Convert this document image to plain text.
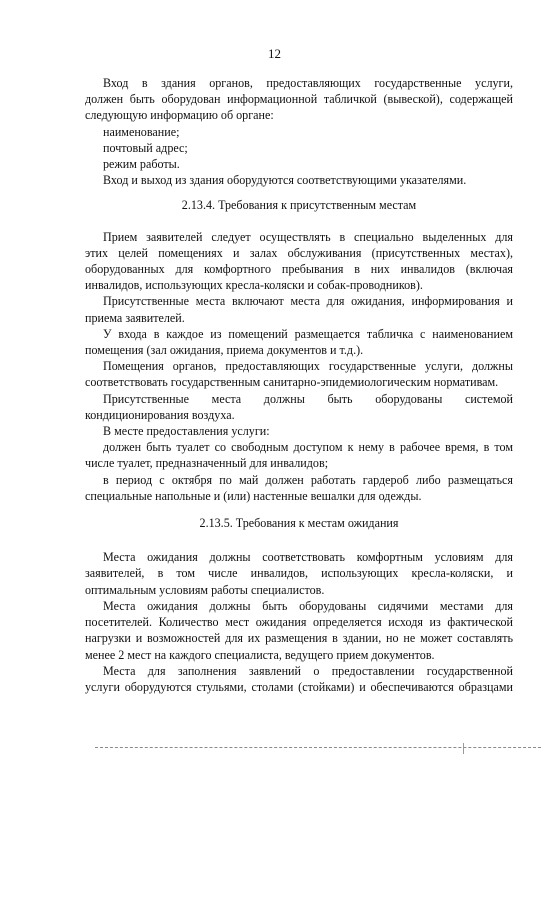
12

Вход в здания органов, предоставляющих государственные услуги,

должен быть оборудован информационной табличкой (вывеской), содержащей

следующую информацию об органе:

наименование;

почтовый адрес;

режим работы.

Вход и выход из здания оборудуются соответствующими указателями.

2.13.4. Требования к присутственным местам

Прием заявителей следует осуществлять в специально выделенных для

этих целей помещениях и залах обслуживания (присутственных местах),

оборудованных для комфортного пребывания в них инвалидов (включая

инвалидов, использующих кресла-коляски и собак-проводников).

Присутственные места включают места для ожидания, информирования и

приема заявителей.

У входа в каждое из помещений размещается табличка с наименованием

помещения (зал ожидания, приема документов и т.д.).

Помещения органов, предоставляющих государственные услуги, должны

соответствовать государственным санитарно-эпидемиологическим нормативам.

Присутственные места должны быть оборудованы системой

кондиционирования воздуха.

В месте предоставления услуги:

должен быть туалет со свободным доступом к нему в рабочее время, в том

числе туалет, предназначенный для инвалидов;

в период с октября по май должен работать гардероб либо размещаться

специальные напольные и (или) настенные вешалки для одежды.

2.13.5. Требования к местам ожидания

Места ожидания должны соответствовать комфортным условиям для

заявителей, в том числе инвалидов, использующих кресла-коляски, и

оптимальным условиям работы специалистов.

Места ожидания должны быть оборудованы сидячими местами для

посетителей. Количество мест ожидания определяется исходя из фактической

нагрузки и возможностей для их размещения в здании, но не может составлять

менее 2 мест на каждого специалиста, ведущего прием документов.

Места для заполнения заявлений о предоставлении государственной

услуги оборудуются стульями, столами (стойками) и обеспечиваются образцами
